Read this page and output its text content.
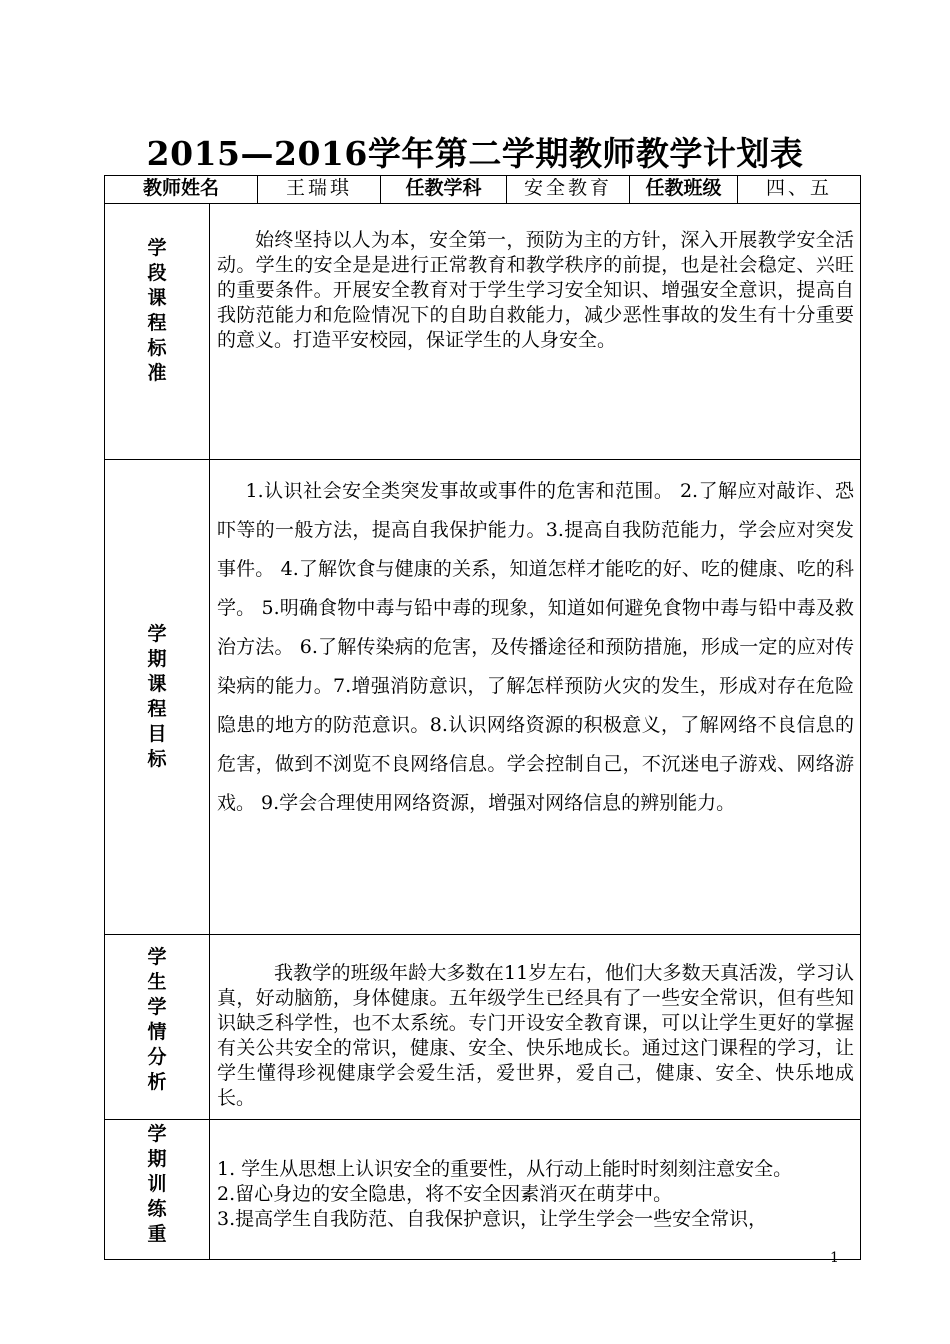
2015—2016学年第二学期教师教学计划表
教师姓名		王瑞琪	任教学科	安全教育	任教班级	四、五

学段课程标准	始终坚持以人为本，安全第一，预防为主的方针，深入开展教学安全活动。学生的安全是是进行正常教育和教学秩序的前提，也是社会稳定、兴旺的重要条件。开展安全教育对于学生学习安全知识、增强安全意识，提高自我防范能力和危险情况下的自助自救能力，减少恶性事故的发生有十分重要的意义。打造平安校园，保证学生的人身安全。					

学期课程目标	1.认识社会安全类突发事故或事件的危害和范围。 2.了解应对敲诈、恐吓等的一般方法，提高自我保护能力。3.提高自我防范能力，学会应对突发事件。 4.了解饮食与健康的关系，知道怎样才能吃的好、吃的健康、吃的科学。 5.明确食物中毒与铅中毒的现象，知道如何避免食物中毒与铅中毒及救治方法。 6.了解传染病的危害，及传播途径和预防措施，形成一定的应对传染病的能力。7.增强消防意识，了解怎样预防火灾的发生，形成对存在危险隐患的地方的防范意识。8.认识网络资源的积极意义，了解网络不良信息的危害，做到不浏览不良网络信息。学会控制自己，不沉迷电子游戏、网络游戏。 9.学会合理使用网络资源，增强对网络信息的辨别能力。					

学生学情分析	我教学的班级年龄大多数在11岁左右，他们大多数天真活泼，学习认真，好动脑筋，身体健康。五年级学生已经具有了一些安全常识，但有些知识缺乏科学性，也不太系统。专门开设安全教育课，可以让学生更好的掌握有关公共安全的常识，健康、安全、快乐地成长。通过这门课程的学习，让学生懂得珍视健康学会爱生活，爱世界，爱自己，健康、安全、快乐地成长。					

学期训练重	1. 学生从思想上认识安全的重要性，从行动上能时时刻刻注意安全。
2.留心身边的安全隐患，将不安全因素消灭在萌芽中。
3.提高学生自我防范、自我保护意识，让学生学会一些安全常识，					
1
